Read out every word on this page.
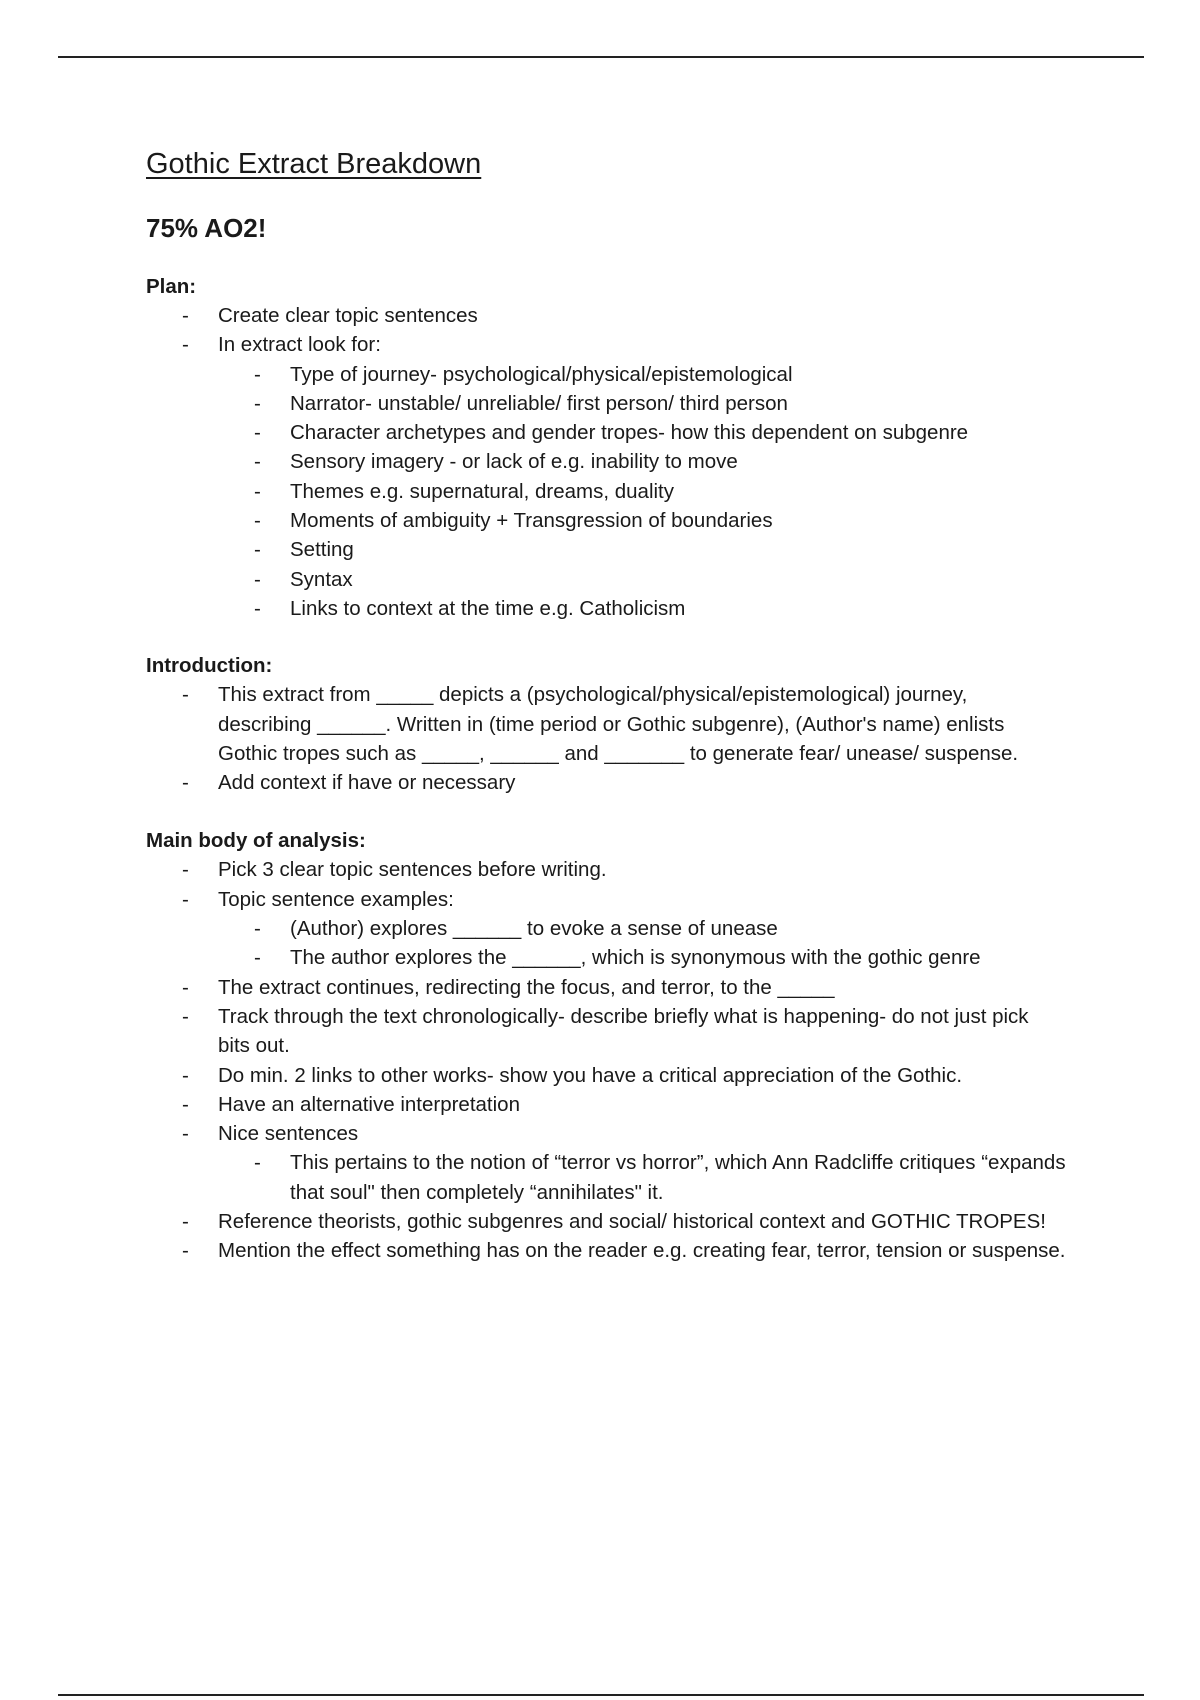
Gothic Extract Breakdown
75% AO2!
Plan:
- Create clear topic sentences
- In extract look for:
- Type of journey- psychological/physical/epistemological
- Narrator- unstable/ unreliable/ first person/ third person
- Character archetypes and gender tropes- how this dependent on subgenre
- Sensory imagery - or lack of e.g. inability to move
- Themes e.g. supernatural, dreams, duality
- Moments of ambiguity + Transgression of boundaries
- Setting
- Syntax
- Links to context at the time e.g. Catholicism
Introduction:
- This extract from _____ depicts a (psychological/physical/epistemological) journey, describing ______. Written in (time period or Gothic subgenre), (Author's name) enlists Gothic tropes such as _____, ______ and _______ to generate fear/ unease/ suspense.
- Add context if have or necessary
Main body of analysis:
- Pick 3 clear topic sentences before writing.
- Topic sentence examples:
- (Author) explores ______ to evoke a sense of unease
- The author explores the ______, which is synonymous with the gothic genre
- The extract continues, redirecting the focus, and terror, to the _____
- Track through the text chronologically- describe briefly what is happening- do not just pick bits out.
- Do min. 2 links to other works- show you have a critical appreciation of the Gothic.
- Have an alternative interpretation
- Nice sentences
- This pertains to the notion of “terror vs horror”, which Ann Radcliffe critiques “expands that soul" then completely “annihilates" it.
- Reference theorists, gothic subgenres and social/ historical context and GOTHIC TROPES!
- Mention the effect something has on the reader e.g. creating fear, terror, tension or suspense.
